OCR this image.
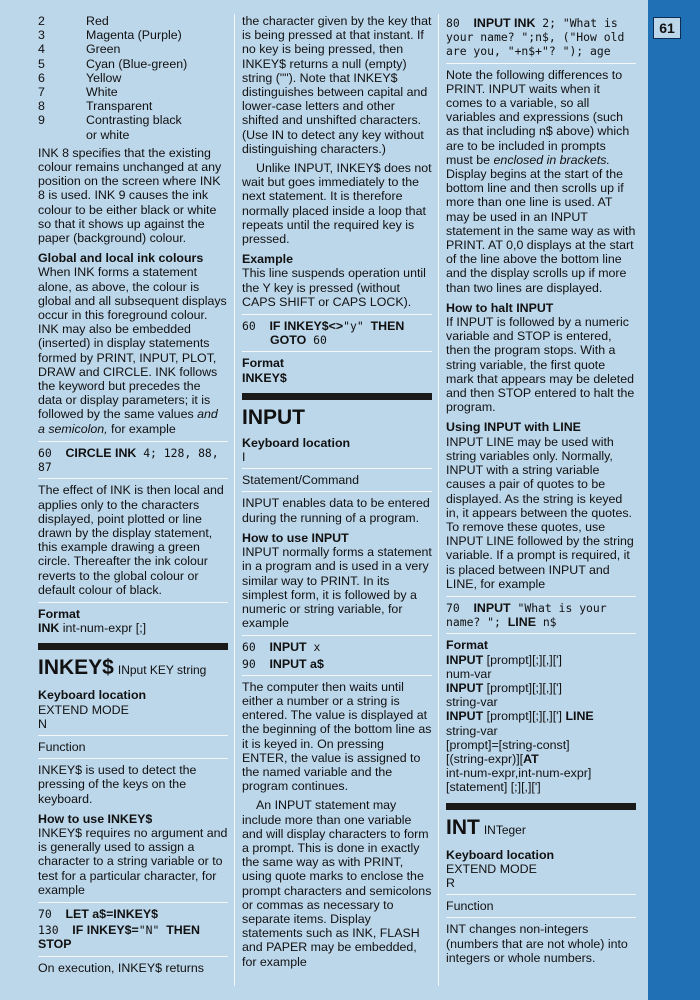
61
2	Red
3	Magenta (Purple)
4	Green
5	Cyan (Blue-green)
6	Yellow
7	White
8	Transparent
9	Contrasting black
or white

INK 8 specifies that the existing colour remains unchanged at any position on the screen where INK 8 is used. INK 9 causes the ink colour to be either black or white so that it shows up against the paper (background) colour.

Global and local ink colours

When INK forms a statement alone, as above, the colour is global and all subsequent displays occur in this foreground colour. INK may also be embedded (inserted) in display statements formed by PRINT, INPUT, PLOT, DRAW and CIRCLE. INK follows the keyword but precedes the data or display parameters; it is followed by the same values and a semicolon, for example

60 CIRCLE INK 4; 128, 88, 87

The effect of INK is then local and applies only to the characters displayed, point plotted or line drawn by the display statement, this example drawing a green circle. Thereafter the ink colour reverts to the global colour or default colour of black.

Format

INK int-num-expr [;]

INKEY$ INput KEY string
Keyboard location
EXTEND MODE
N
Function

INKEY$ is used to detect the pressing of the keys on the keyboard.

How to use INKEY$

INKEY$ requires no argument and is generally used to assign a character to a string variable or to test for a particular character, for example

70 LET a$=INKEY$
130 IF INKEY$="N" THEN
STOP

On execution, INKEY$ returns

the character given by the key that is being pressed at that instant. If no key is being pressed, then INKEY$ returns a null (empty) string (""). Note that INKEY$ distinguishes between capital and lower-case letters and other shifted and unshifted characters. (Use IN to detect any key without distinguishing characters.)

Unlike INPUT, INKEY$ does not wait but goes immediately to the next statement. It is therefore normally placed inside a loop that repeats until the required key is pressed.

Example

This line suspends operation until the Y key is pressed (without CAPS SHIFT or CAPS LOCK).

60 IF INKEY$<>"y" THEN
GOTO 60
Format
INKEY$
INPUT
Keyboard location
I
Statement/Command

INPUT enables data to be entered during the running of a program.

How to use INPUT

INPUT normally forms a statement in a program and is used in a very similar way to PRINT. In its simplest form, it is followed by a numeric or string variable, for example

60 INPUT x
90 INPUT a$

The computer then waits until either a number or a string is entered. The value is displayed at the beginning of the bottom line as it is keyed in. On pressing ENTER, the value is assigned to the named variable and the program continues.

An INPUT statement may include more than one variable and will display characters to form a prompt. This is done in exactly the same way as with PRINT, using quote marks to enclose the prompt characters and semicolons or commas as necessary to separate items. Display statements such as INK, FLASH and PAPER may be embedded, for example

80 INPUT INK 2; "What is your name? ";n$, ("How old are you, "+n$+"? "); age

Note the following differences to PRINT. INPUT waits when it comes to a variable, so all variables and expressions (such as that including n$ above) which are to be included in prompts must be enclosed in brackets. Display begins at the start of the bottom line and then scrolls up if more than one line is used. AT may be used in an INPUT statement in the same way as with PRINT. AT 0,0 displays at the start of the line above the bottom line and the display scrolls up if more than two lines are displayed.

How to halt INPUT

If INPUT is followed by a numeric variable and STOP is entered, then the program stops. With a string variable, the first quote mark that appears may be deleted and then STOP entered to halt the program.

Using INPUT with LINE

INPUT LINE may be used with string variables only. Normally, INPUT with a string variable causes a pair of quotes to be displayed. As the string is keyed in, it appears between the quotes. To remove these quotes, use INPUT LINE followed by the string variable. If a prompt is required, it is placed between INPUT and LINE, for example

70 INPUT "What is your name? "; LINE n$
Format
INPUT [prompt][;][,][']
num-var
INPUT [prompt][;][,][']
string-var
INPUT [prompt][;][,]['] LINE
string-var
[prompt]=[string-const]
[(string-expr)][AT
int-num-expr,int-num-expr]
[statement] [;][,][']
INT INTeger
Keyboard location
EXTEND MODE
R
Function

INT changes non-integers (numbers that are not whole) into integers or whole numbers.
